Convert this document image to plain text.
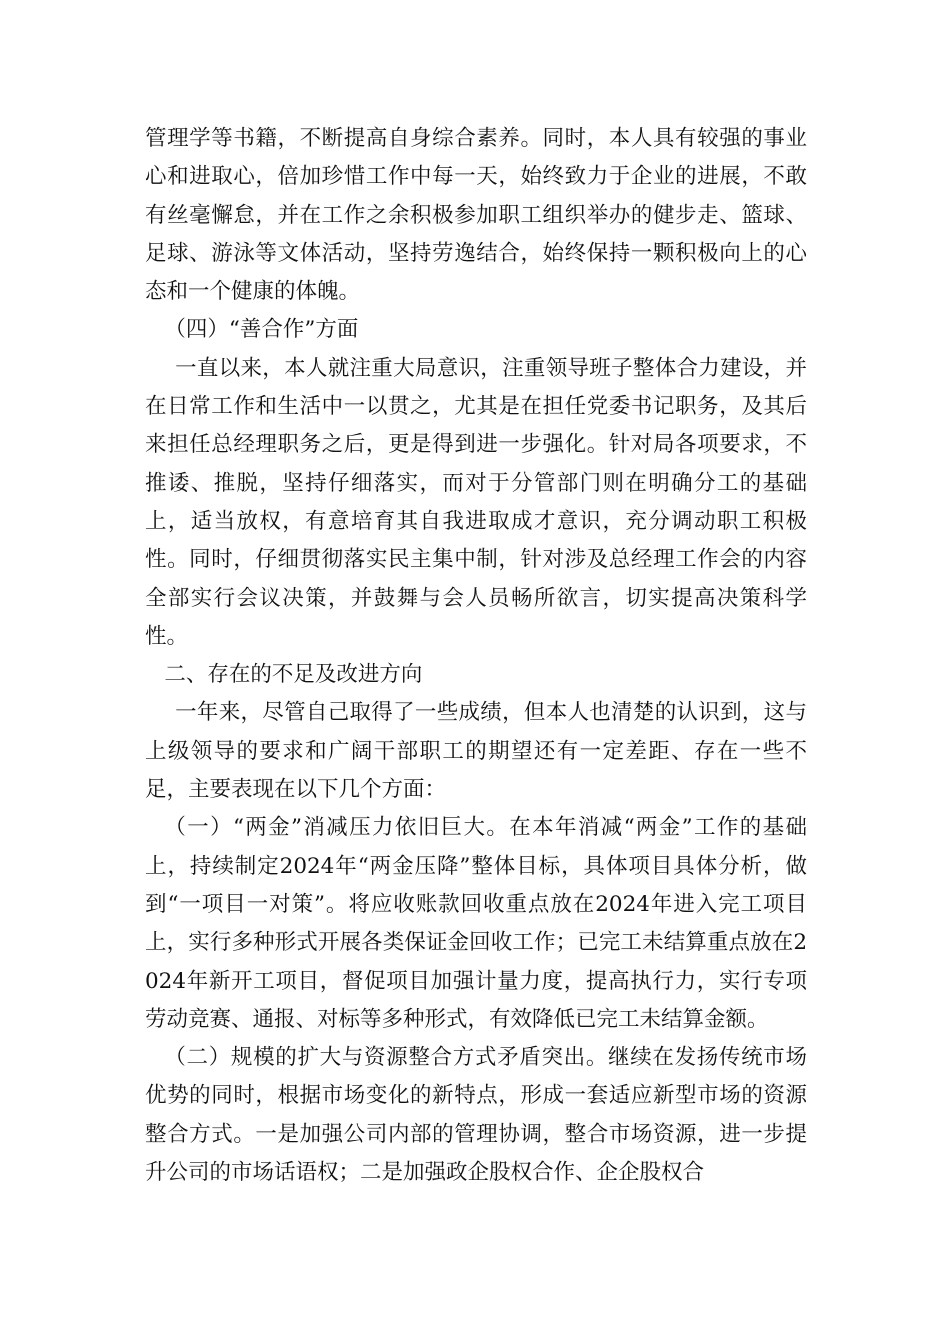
管理学等书籍，不断提高自身综合素养。同时，本人具有较强的事业心和进取心，倍加珍惜工作中每一天，始终致力于企业的进展，不敢有丝毫懈怠，并在工作之余积极参加职工组织举办的健步走、篮球、足球、游泳等文体活动，坚持劳逸结合，始终保持一颗积极向上的心态和一个健康的体魄。

（四）“善合作”方面

一直以来，本人就注重大局意识，注重领导班子整体合力建设，并在日常工作和生活中一以贯之，尤其是在担任党委书记职务，及其后来担任总经理职务之后，更是得到进一步强化。针对局各项要求，不推诿、推脱，坚持仔细落实，而对于分管部门则在明确分工的基础上，适当放权，有意培育其自我进取成才意识，充分调动职工积极性。同时，仔细贯彻落实民主集中制，针对涉及总经理工作会的内容全部实行会议决策，并鼓舞与会人员畅所欲言，切实提高决策科学性。

二、存在的不足及改进方向

一年来，尽管自己取得了一些成绩，但本人也清楚的认识到，这与上级领导的要求和广阔干部职工的期望还有一定差距、存在一些不足，主要表现在以下几个方面：

（一）“两金”消减压力依旧巨大。在本年消减“两金”工作的基础上，持续制定2024年“两金压降”整体目标，具体项目具体分析，做到“一项目一对策”。将应收账款回收重点放在2024年进入完工项目上，实行多种形式开展各类保证金回收工作；已完工未结算重点放在2024年新开工项目，督促项目加强计量力度，提高执行力，实行专项劳动竞赛、通报、对标等多种形式，有效降低已完工未结算金额。

（二）规模的扩大与资源整合方式矛盾突出。继续在发扬传统市场优势的同时，根据市场变化的新特点，形成一套适应新型市场的资源整合方式。一是加强公司内部的管理协调，整合市场资源，进一步提升公司的市场话语权；二是加强政企股权合作、企企股权合
